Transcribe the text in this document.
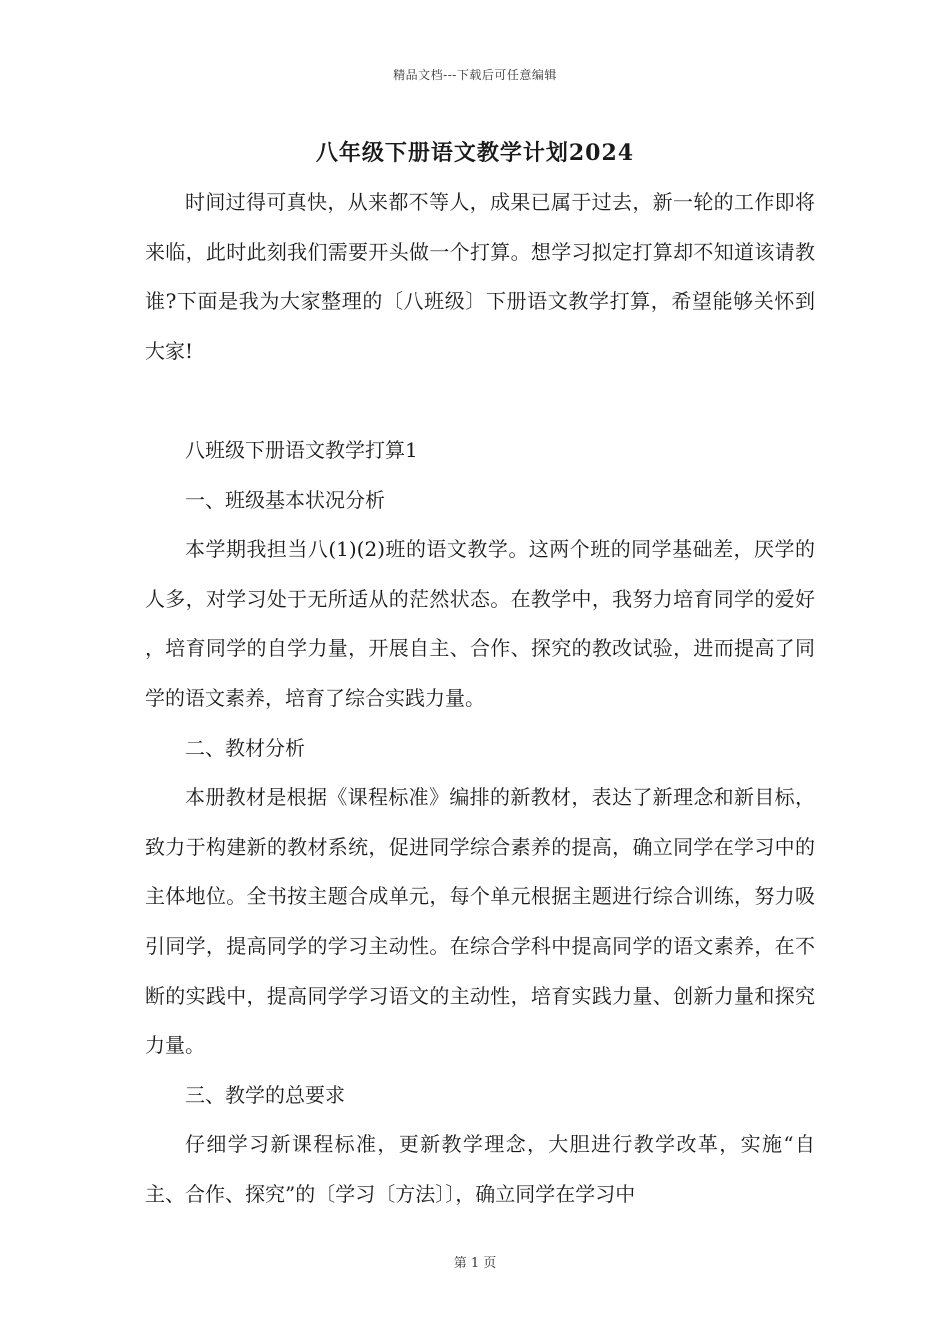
精品文档---下载后可任意编辑
八年级下册语文教学计划2024

时间过得可真快，从来都不等人，成果已属于过去，新一轮的工作即将来临，此时此刻我们需要开头做一个打算。想学习拟定打算却不知道该请教谁?下面是我为大家整理的〔八班级〕下册语文教学打算，希望能够关怀到大家!

八班级下册语文教学打算1

一、班级基本状况分析

本学期我担当八(1)(2)班的语文教学。这两个班的同学基础差，厌学的人多，对学习处于无所适从的茫然状态。在教学中，我努力培育同学的爱好 ，培育同学的自学力量，开展自主、合作、探究的教改试验，进而提高了同学的语文素养，培育了综合实践力量。

二、教材分析

本册教材是根据《课程标准》编排的新教材，表达了新理念和新目标，致力于构建新的教材系统，促进同学综合素养的提高，确立同学在学习中的主体地位。全书按主题合成单元，每个单元根据主题进行综合训练，努力吸引同学，提高同学的学习主动性。在综合学科中提高同学的语文素养，在不断的实践中，提高同学学习语文的主动性，培育实践力量、创新力量和探究力量。

三、教学的总要求

仔细学习新课程标准，更新教学理念，大胆进行教学改革，实施“自主、合作、探究”的〔学习〔方法〕〕，确立同学在学习中

第 1 页
